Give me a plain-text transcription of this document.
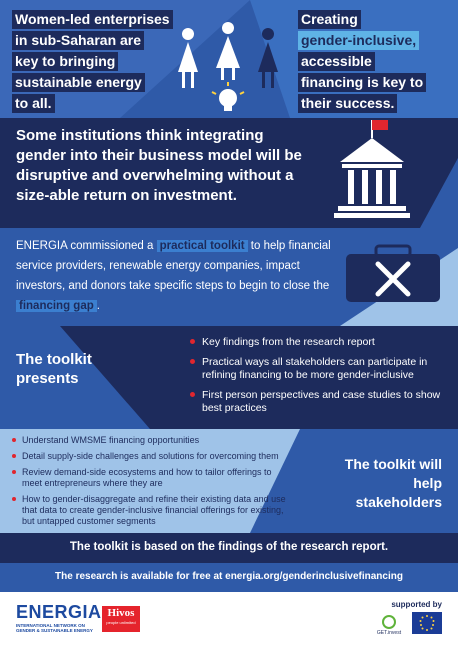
Women-led enterprises
in sub-Saharan are
key to bringing
sustainable energy
to all.
Creating
gender-inclusive,
accessible
financing is key to
their success.
Some institutions think integrating gender into their business model will be disruptive and overwhelming without a size-able return on investment.
ENERGIA commissioned a practical toolkit to help financial service providers, renewable energy companies, impact investors, and donors take specific steps to begin to close the financing gap .
The toolkit presents
Key findings from the research report
Practical ways all stakeholders can participate in refining financing to be more gender-inclusive
First person perspectives and case studies to show best practices
Understand WMSME financing opportunities
Detail supply-side challenges and solutions for overcoming them
Review demand-side ecosystems and how to tailor offerings to meet entrepreneurs where they are
How to gender-disaggregate and refine their existing data and use that data to create gender-inclusive financial offerings for existing, but untapped customer segments
The toolkit will help stakeholders
The toolkit is based on the findings of the research report.
The research is available for free at energia.org/genderinclusivefinancing
ENERGIA
INTERNATIONAL NETWORK ON
GENDER & SUSTAINABLE ENERGY
Hivos
people unlimited
supported by
GET.invest
